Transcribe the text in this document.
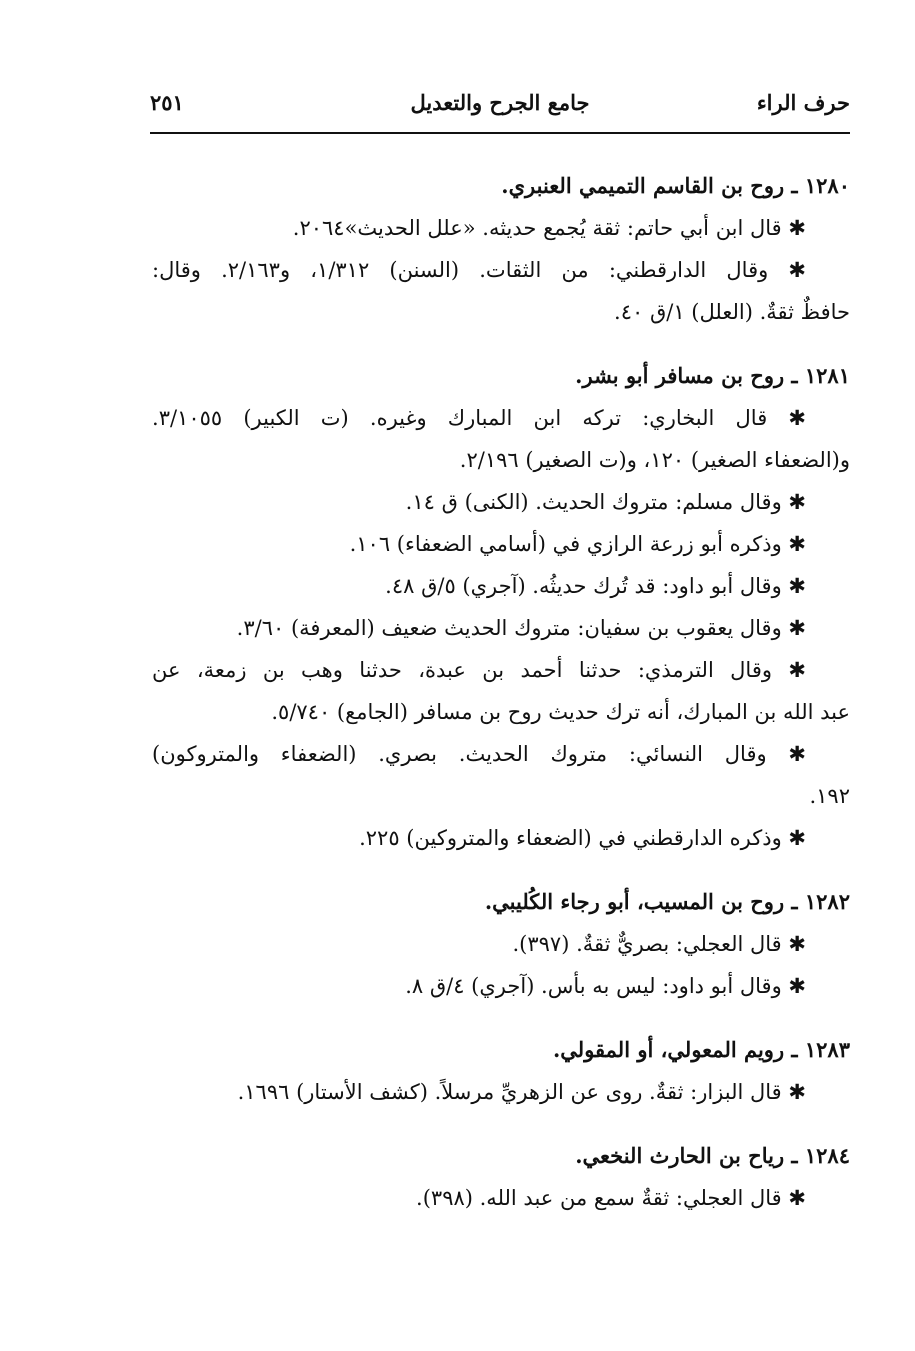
حرف الراء
جامع الجرح والتعديل
٢٥١
١٢٨٠ ـ روح بن القاسم التميمي العنبري.
✱ قال ابن أبي حاتم: ثقة يُجمع حديثه. «علل الحديث»٢٠٦٤.
✱ وقال الدارقطني: من الثقات. (السنن) ١/٣١٢، و٢/١٦٣. وقال:
حافظٌ ثقةٌ. (العلل) ١/ق ٤٠.
١٢٨١ ـ روح بن مسافر أبو بشر.
✱ قال البخاري: تركه ابن المبارك وغيره. (ت الكبير) ٣/١٠٥٥.
و(الضعفاء الصغير) ١٢٠، و(ت الصغير) ٢/١٩٦.
✱ وقال مسلم: متروك الحديث. (الكنى) ق ١٤.
✱ وذكره أبو زرعة الرازي في (أسامي الضعفاء) ١٠٦.
✱ وقال أبو داود: قد تُرك حديثُه. (آجري) ٥/ق ٤٨.
✱ وقال يعقوب بن سفيان: متروك الحديث ضعيف (المعرفة) ٣/٦٠.
✱ وقال الترمذي: حدثنا أحمد بن عبدة، حدثنا وهب بن زمعة، عن
عبد الله بن المبارك، أنه ترك حديث روح بن مسافر (الجامع) ٥/٧٤٠.
✱ وقال النسائي: متروك الحديث. بصري. (الضعفاء والمتروكون)
١٩٢.
✱ وذكره الدارقطني في (الضعفاء والمتروكين) ٢٢٥.
١٢٨٢ ـ روح بن المسيب، أبو رجاء الكُليبي.
✱ قال العجلي: بصريٌّ ثقةٌ. (٣٩٧).
✱ وقال أبو داود: ليس به بأس. (آجري) ٤/ق ٨.
١٢٨٣ ـ رويم المعولي، أو المقولي.
✱ قال البزار: ثقةٌ. روى عن الزهريِّ مرسلاً. (كشف الأستار) ١٦٩٦.
١٢٨٤ ـ رياح بن الحارث النخعي.
✱ قال العجلي: ثقةٌ سمع من عبد الله. (٣٩٨).
